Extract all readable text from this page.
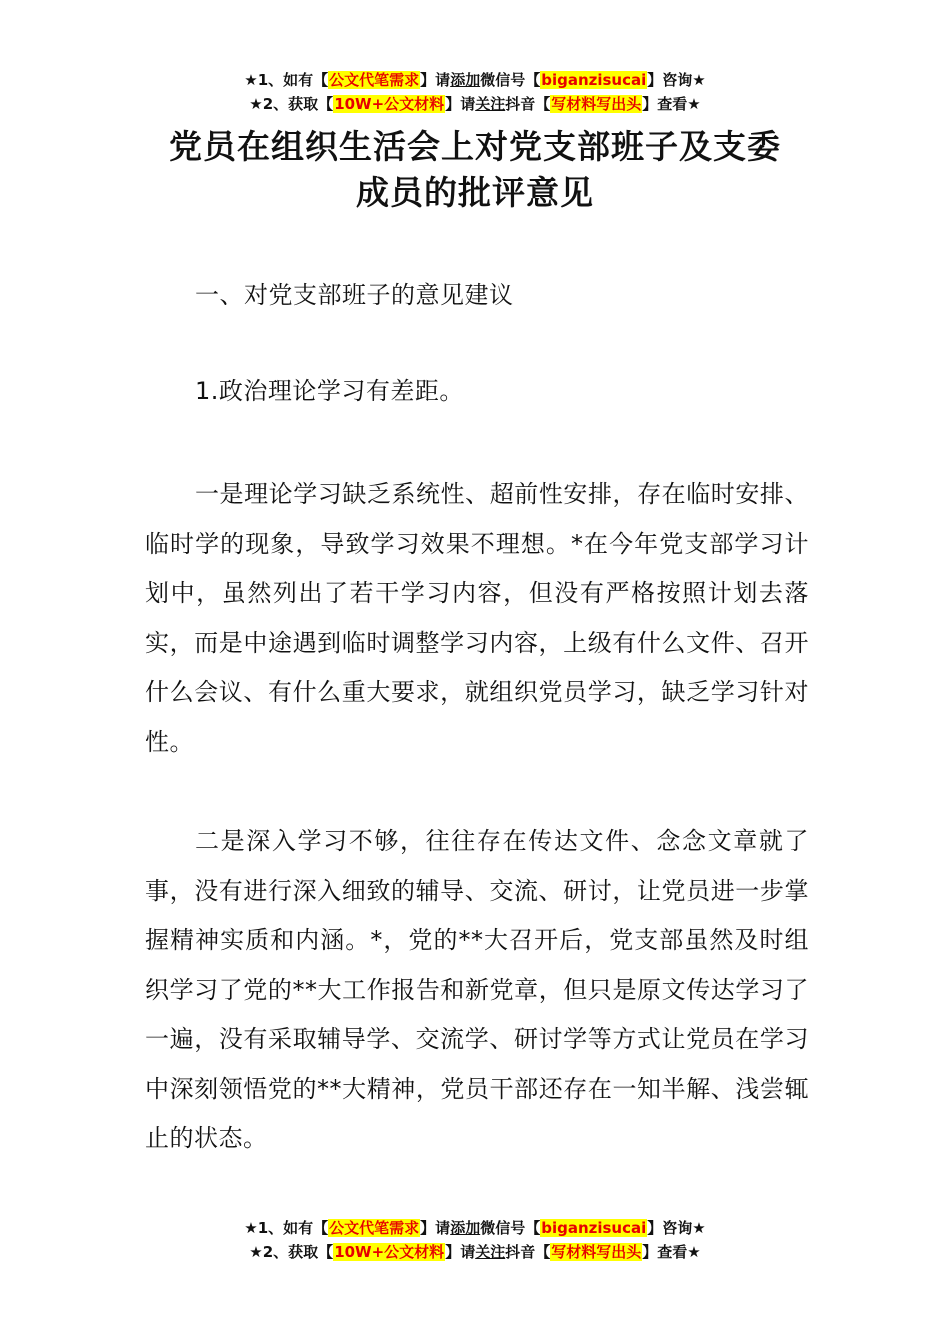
★1、如有【公文代笔需求】请添加微信号【biganzisucai】咨询★
★2、获取【10W+公文材料】请关注抖音【写材料写出头】查看★
党员在组织生活会上对党支部班子及支委
成员的批评意见

一、对党支部班子的意见建议

1.政治理论学习有差距。

一是理论学习缺乏系统性、超前性安排，存在临时安排、临时学的现象，导致学习效果不理想。*在今年党支部学习计划中，虽然列出了若干学习内容，但没有严格按照计划去落实，而是中途遇到临时调整学习内容，上级有什么文件、召开什么会议、有什么重大要求，就组织党员学习，缺乏学习针对性。

二是深入学习不够，往往存在传达文件、念念文章就了事，没有进行深入细致的辅导、交流、研讨，让党员进一步掌握精神实质和内涵。*，党的**大召开后，党支部虽然及时组织学习了党的**大工作报告和新党章，但只是原文传达学习了一遍，没有采取辅导学、交流学、研讨学等方式让党员在学习中深刻领悟党的**大精神，党员干部还存在一知半解、浅尝辄止的状态。

★1、如有【公文代笔需求】请添加微信号【biganzisucai】咨询★
★2、获取【10W+公文材料】请关注抖音【写材料写出头】查看★
